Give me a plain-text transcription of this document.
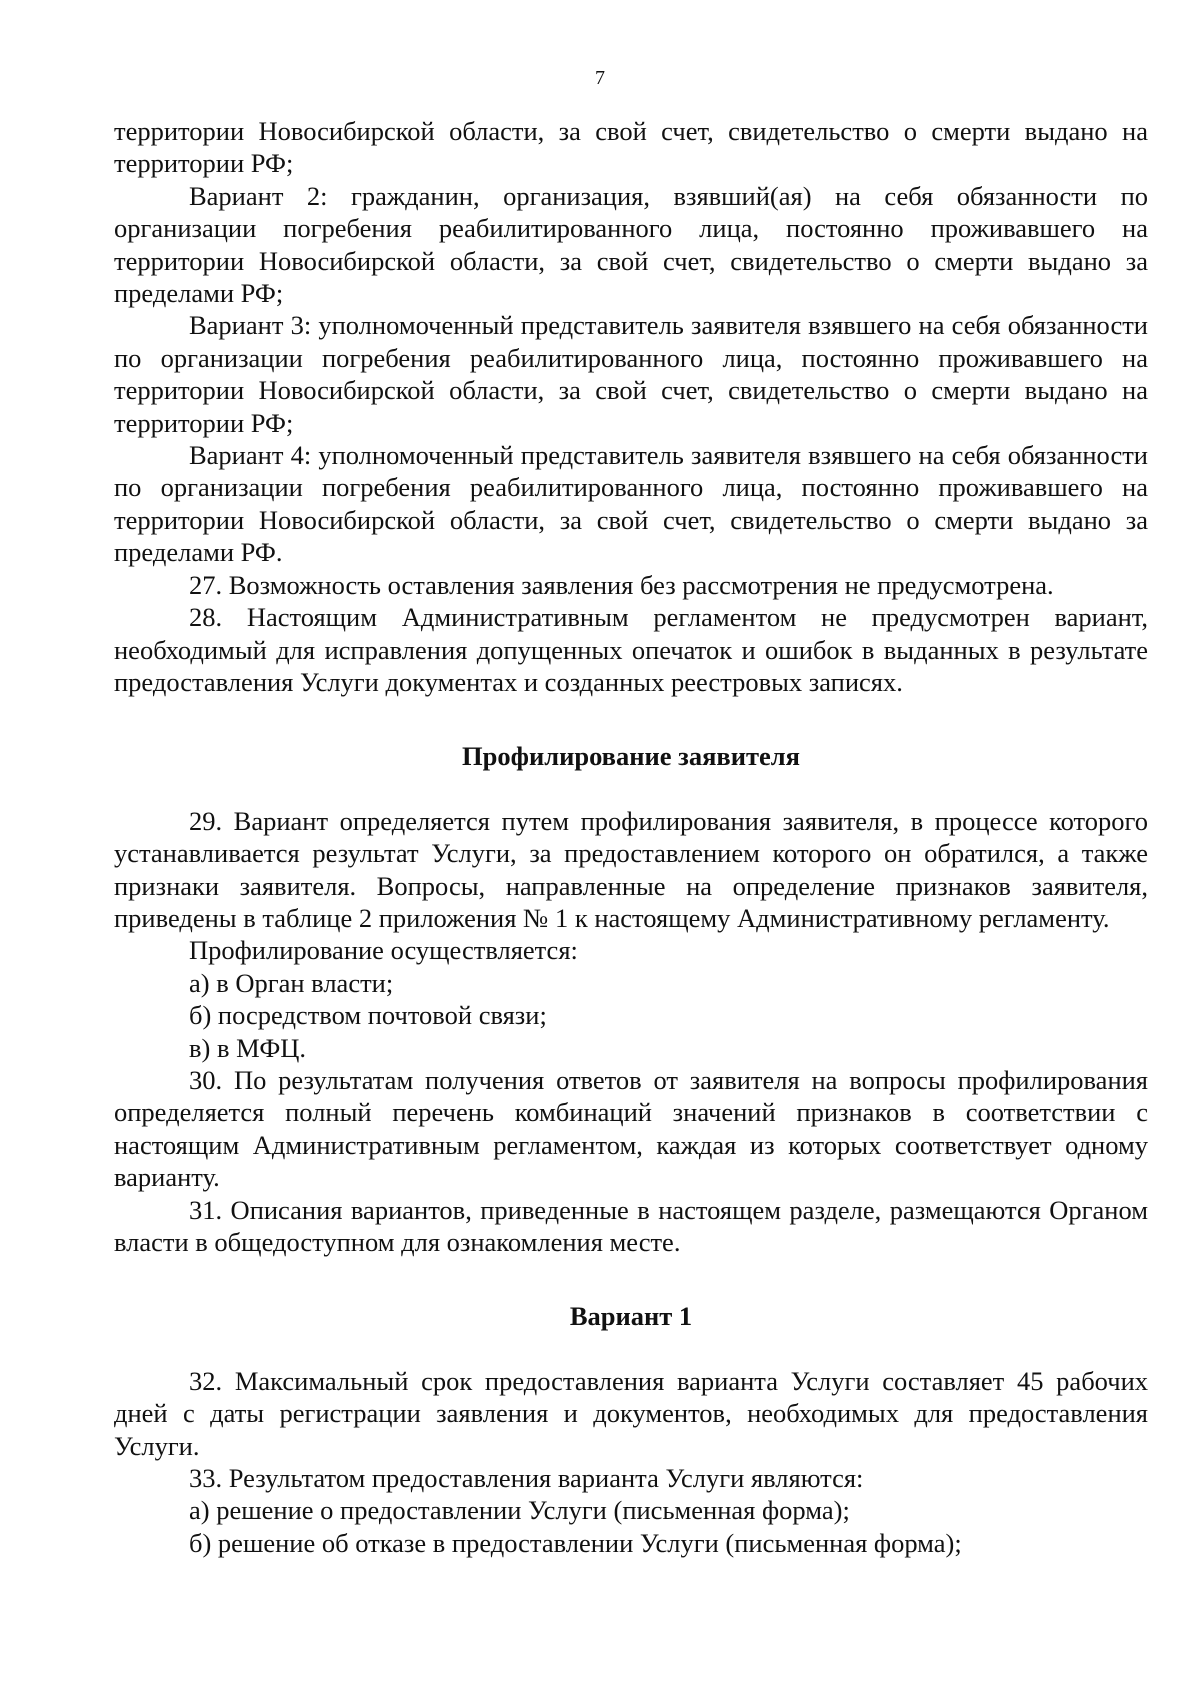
7

территории Новосибирской области, за свой счет, свидетельство о смерти выдано на территории РФ;

Вариант 2: гражданин, организация, взявший(ая) на себя обязанности по организации погребения реабилитированного лица, постоянно проживавшего на территории Новосибирской области, за свой счет, свидетельство о смерти выдано за пределами РФ;

Вариант 3: уполномоченный представитель заявителя взявшего на себя обязанности по организации погребения реабилитированного лица, постоянно проживавшего на территории Новосибирской области, за свой счет, свидетельство о смерти выдано на территории РФ;

Вариант 4: уполномоченный представитель заявителя взявшего на себя обязанности по организации погребения реабилитированного лица, постоянно проживавшего на территории Новосибирской области, за свой счет, свидетельство о смерти выдано за пределами РФ.

27. Возможность оставления заявления без рассмотрения не предусмотрена.

28. Настоящим Административным регламентом не предусмотрен вариант, необходимый для исправления допущенных опечаток и ошибок в выданных в результате предоставления Услуги документах и созданных реестровых записях.

Профилирование заявителя

29. Вариант определяется путем профилирования заявителя, в процессе которого устанавливается результат Услуги, за предоставлением которого он обратился, а также признаки заявителя. Вопросы, направленные на определение признаков заявителя, приведены в таблице 2 приложения № 1 к настоящему Административному регламенту.

Профилирование осуществляется:

а) в Орган власти;

б) посредством почтовой связи;

в) в МФЦ.

30. По результатам получения ответов от заявителя на вопросы профилирования определяется полный перечень комбинаций значений признаков в соответствии с настоящим Административным регламентом, каждая из которых соответствует одному варианту.

31. Описания вариантов, приведенные в настоящем разделе, размещаются Органом власти в общедоступном для ознакомления месте.

Вариант 1

32. Максимальный срок предоставления варианта Услуги составляет 45 рабочих дней с даты регистрации заявления и документов, необходимых для предоставления Услуги.

33. Результатом предоставления варианта Услуги являются:

а) решение о предоставлении Услуги (письменная форма);

б) решение об отказе в предоставлении Услуги (письменная форма);
